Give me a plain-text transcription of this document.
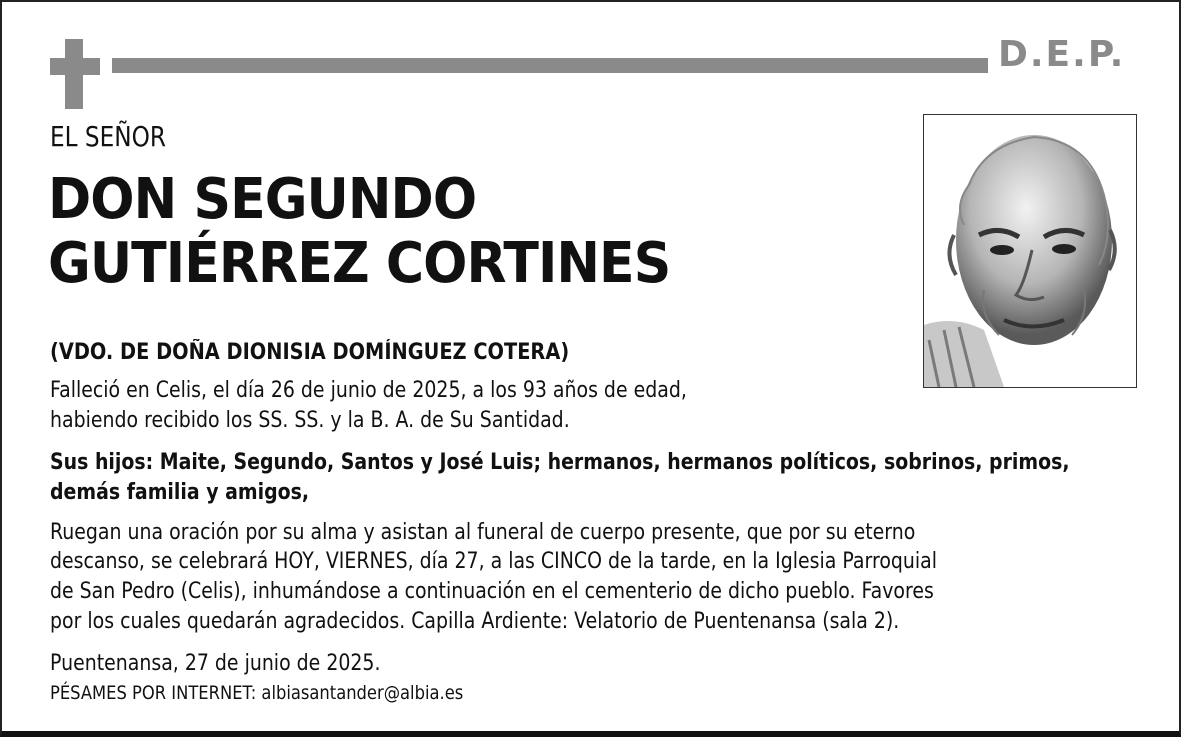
D.E.P.
EL SEÑOR
DON SEGUNDO
GUTIÉRREZ CORTINES
(VDO. DE DOÑA DIONISIA DOMÍNGUEZ COTERA)
Falleció en Celis, el día 26 de junio de 2025, a los 93 años de edad,
habiendo recibido los SS. SS. y la B. A. de Su Santidad.
Sus hijos: Maite, Segundo, Santos y José Luis; hermanos, hermanos políticos, sobrinos, primos,
demás familia y amigos,
Ruegan una oración por su alma y asistan al funeral de cuerpo presente, que por su eterno
descanso, se celebrará HOY, VIERNES, día 27, a las CINCO de la tarde, en la Iglesia Parroquial
de San Pedro (Celis), inhumándose a continuación en el cementerio de dicho pueblo. Favores
por los cuales quedarán agradecidos. Capilla Ardiente: Velatorio de Puentenansa (sala 2).
Puentenansa, 27 de junio de 2025.
PÉSAMES POR INTERNET: albiasantander@albia.es
